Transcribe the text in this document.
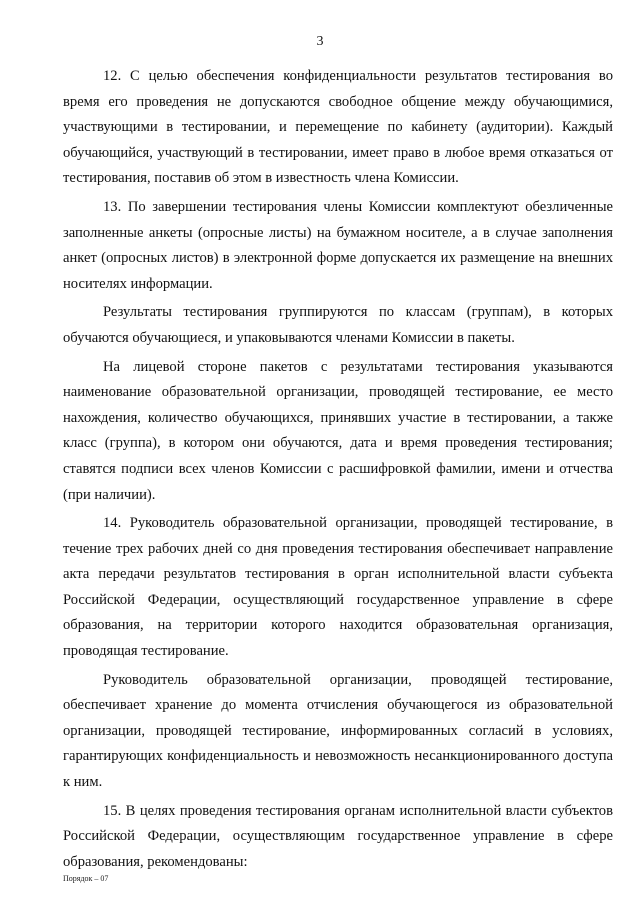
3

12. С целью обеспечения конфиденциальности результатов тестирования во время его проведения не допускаются свободное общение между обучающимися, участвующими в тестировании, и перемещение по кабинету (аудитории). Каждый обучающийся, участвующий в тестировании, имеет право в любое время отказаться от тестирования, поставив об этом в известность члена Комиссии.

13. По завершении тестирования члены Комиссии комплектуют обезличенные заполненные анкеты (опросные листы) на бумажном носителе, а в случае заполнения анкет (опросных листов) в электронной форме допускается их размещение на внешних носителях информации.

Результаты тестирования группируются по классам (группам), в которых обучаются обучающиеся, и упаковываются членами Комиссии в пакеты.

На лицевой стороне пакетов с результатами тестирования указываются наименование образовательной организации, проводящей тестирование, ее место нахождения, количество обучающихся, принявших участие в тестировании, а также класс (группа), в котором они обучаются, дата и время проведения тестирования; ставятся подписи всех членов Комиссии с расшифровкой фамилии, имени и отчества (при наличии).

14. Руководитель образовательной организации, проводящей тестирование, в течение трех рабочих дней со дня проведения тестирования обеспечивает направление акта передачи результатов тестирования в орган исполнительной власти субъекта Российской Федерации, осуществляющий государственное управление в сфере образования, на территории которого находится образовательная организация, проводящая тестирование.

Руководитель образовательной организации, проводящей тестирование, обеспечивает хранение до момента отчисления обучающегося из образовательной организации, проводящей тестирование, информированных согласий в условиях, гарантирующих конфиденциальность и невозможность несанкционированного доступа к ним.

15. В целях проведения тестирования органам исполнительной власти субъектов Российской Федерации, осуществляющим государственное управление в сфере образования, рекомендованы:

Порядок – 07
